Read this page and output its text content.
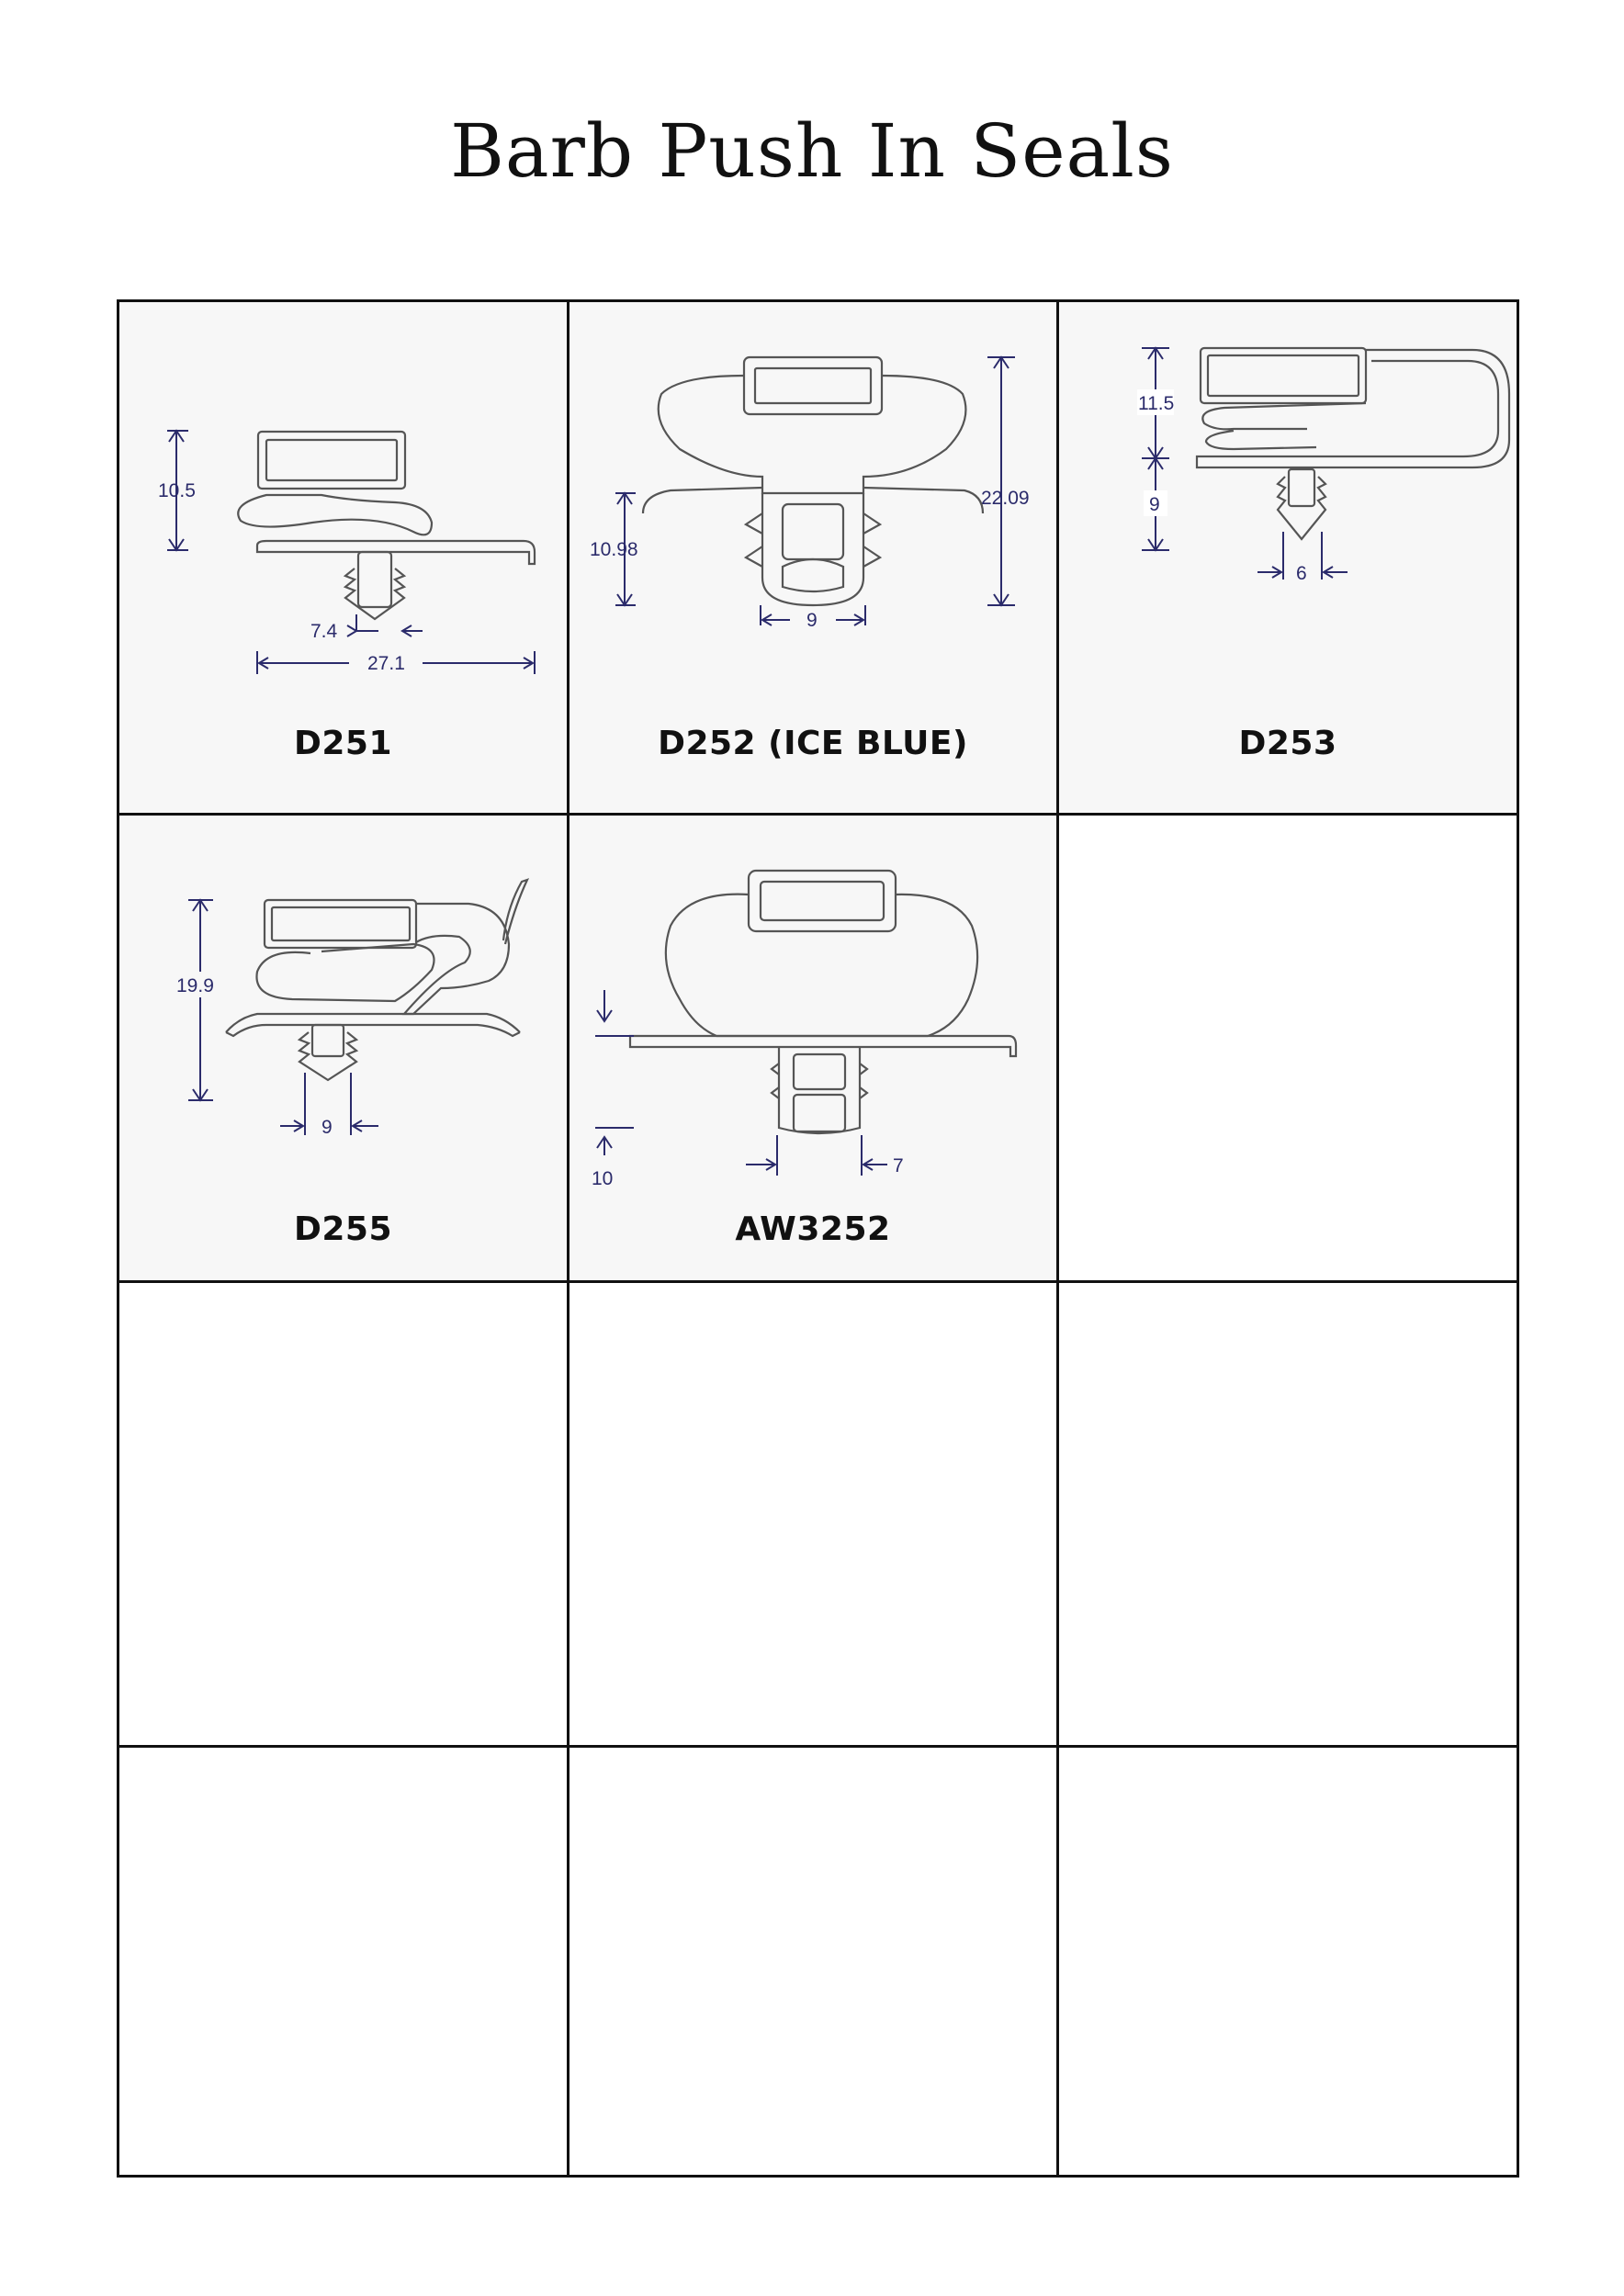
Barb Push In Seals
10.5
7.4
27.1
D251
22.09
10.98
9
D252 (ICE BLUE)
11.5
9
6
D253
19.9
9
D255
10
7
AW3252
